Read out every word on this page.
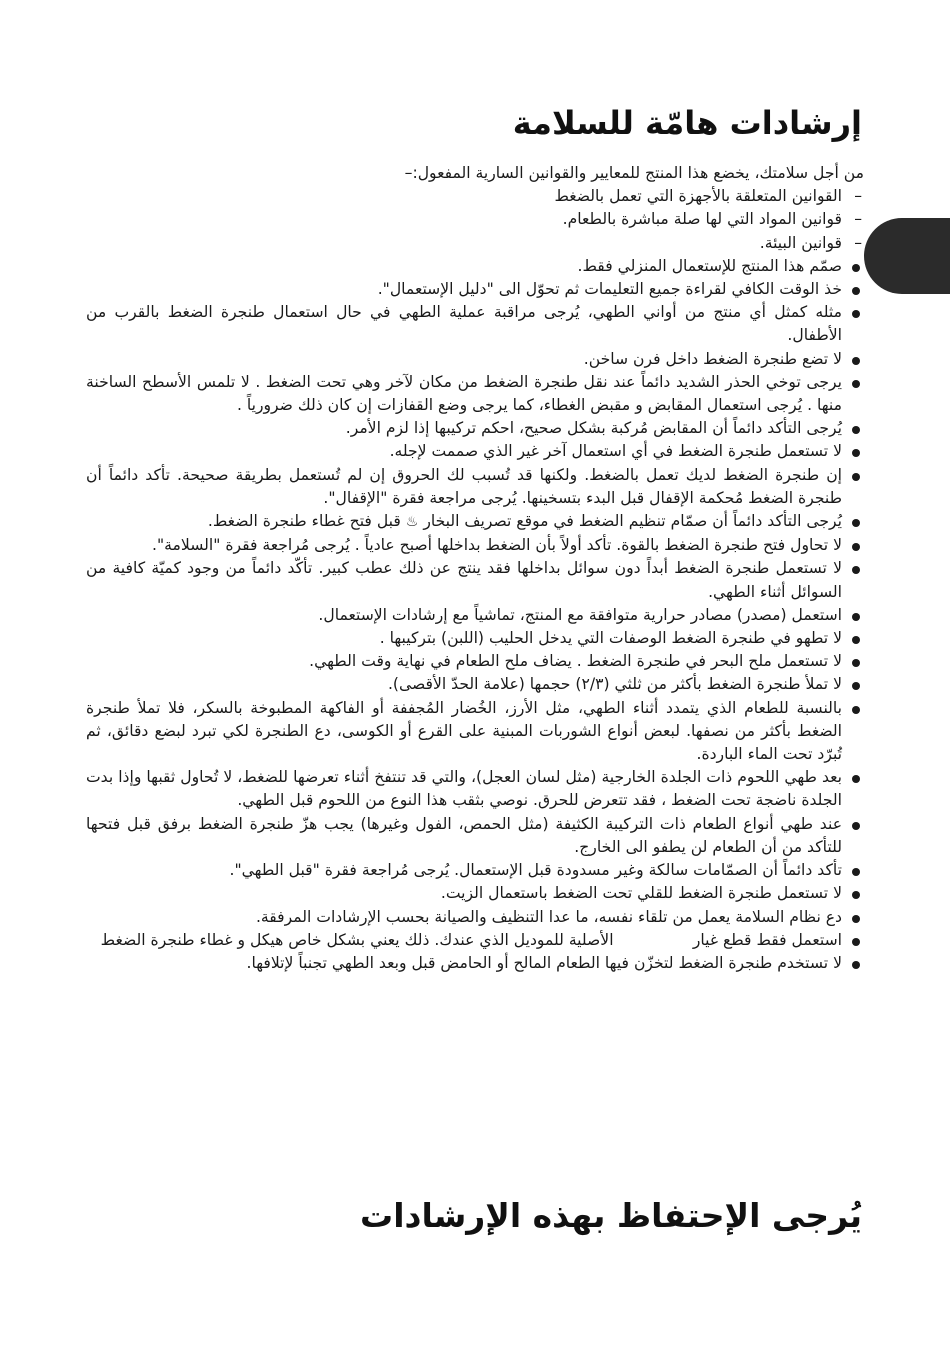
إرشادات هامّة للسلامة

من أجل سلامتك، يخضع هذا المنتج للمعايير والقوانين السارية المفعول:–

– القوانين المتعلقة بالأجهزة التي تعمل بالضغط
– قوانين المواد التي لها صلة مباشرة بالطعام.
– قوانين البيئة.
صمّم هذا المنتج للإستعمال المنزلي فقط.
خذ الوقت الكافي لقراءة جميع التعليمات ثم تحوّل الى "دليل الإستعمال".
مثله كمثل أي منتج من أواني الطهي، يُرجى مراقبة عملية الطهي في حال استعمال طنجرة الضغط بالقرب من الأطفال.
لا تضع طنجرة الضغط داخل فرن ساخن.
يرجى توخي الحذر الشديد دائماً عند نقل طنجرة الضغط من مكان لآخر وهي تحت الضغط . لا تلمس الأسطح الساخنة منها . يُرجى استعمال المقابض و مقبض الغطاء، كما يرجى وضع القفازات إن كان ذلك ضرورياً .
يُرجى التأكد دائماً أن المقابض مُركبة بشكل صحيح، احكم تركيبها إذا لزم الأمر.
لا تستعمل طنجرة الضغط في أي استعمال آخر غير الذي صممت لإجله.
إن طنجرة الضغط لديك تعمل بالضغط. ولكنها قد تُسبب لك الحروق إن لم تُستعمل بطريقة صحيحة. تأكد دائماً أن طنجرة الضغط مُحكمة الإقفال قبل البدء بتسخينها. يُرجى مراجعة فقرة "الإقفال".
يُرجى التأكد دائماً أن صمّام تنظيم الضغط في موقع تصريف البخار ♨ قبل فتح غطاء طنجرة الضغط.
لا تحاول فتح طنجرة الضغط بالقوة. تأكد أولاً بأن الضغط بداخلها أصبح عادياً . يُرجى مُراجعة فقرة "السلامة".
لا تستعمل طنجرة الضغط أبداً دون سوائل بداخلها فقد ينتج عن ذلك عطب كبير. تأكّد دائماً من وجود كميّة كافية من السوائل أثناء الطهي.
استعمل (مصدر) مصادر حرارية متوافقة مع المنتج، تماشياً مع إرشادات الإستعمال.
لا تطهو في طنجرة الضغط الوصفات التي يدخل الحليب (اللبن) بتركيبها .
لا تستعمل ملح البحر في طنجرة الضغط . يضاف ملح الطعام في نهاية وقت الطهي.
لا تملأ طنجرة الضغط بأكثر من ثلثي (٢/٣) حجمها (علامة الحدّ الأقصى).
بالنسبة للطعام الذي يتمدد أثناء الطهي، مثل الأرز، الخُضار المُجففة أو الفاكهة المطبوخة بالسكر، فلا تملأ طنجرة الضغط بأكثر من نصفها. لبعض أنواع الشوربات المبنية على القرع أو الكوسى، دع الطنجرة لكي تبرد لبضع دقائق، ثم تُبرّد تحت الماء الباردة.
بعد طهي اللحوم ذات الجلدة الخارجية (مثل لسان العجل)، والتي قد تنتفخ أثناء تعرضها للضغط، لا تُحاول ثقبها وإذا بدت الجلدة ناضجة تحت الضغط ، فقد تتعرض للحرق. نوصي بثقب هذا النوع من اللحوم قبل الطهي.
عند طهي أنواع الطعام ذات التركيبة الكثيفة (مثل الحمص، الفول وغيرها) يجب هزّ طنجرة الضغط برفق قبل فتحها للتأكد من أن الطعام لن يطفو الى الخارج.
تأكد دائماً أن الصمّامات سالكة وغير مسدودة قبل الإستعمال. يُرجى مُراجعة فقرة "قبل الطهي".
لا تستعمل طنجرة الضغط للقلي تحت الضغط باستعمال الزيت.
دع نظام السلامة يعمل من تلقاء نفسه، ما عدا التنظيف والصيانة بحسب الإرشادات المرفقة.
استعمل فقط قطع غيار                الأصلية للموديل الذي عندك. ذلك يعني بشكل خاص هيكل و غطاء طنجرة الضغط
لا تستخدم طنجرة الضغط لتخزّن فيها الطعام المالح أو الحامض قبل وبعد الطهي تجنباً لإتلافها.
يُرجى الإحتفاظ بهذه الإرشادات
